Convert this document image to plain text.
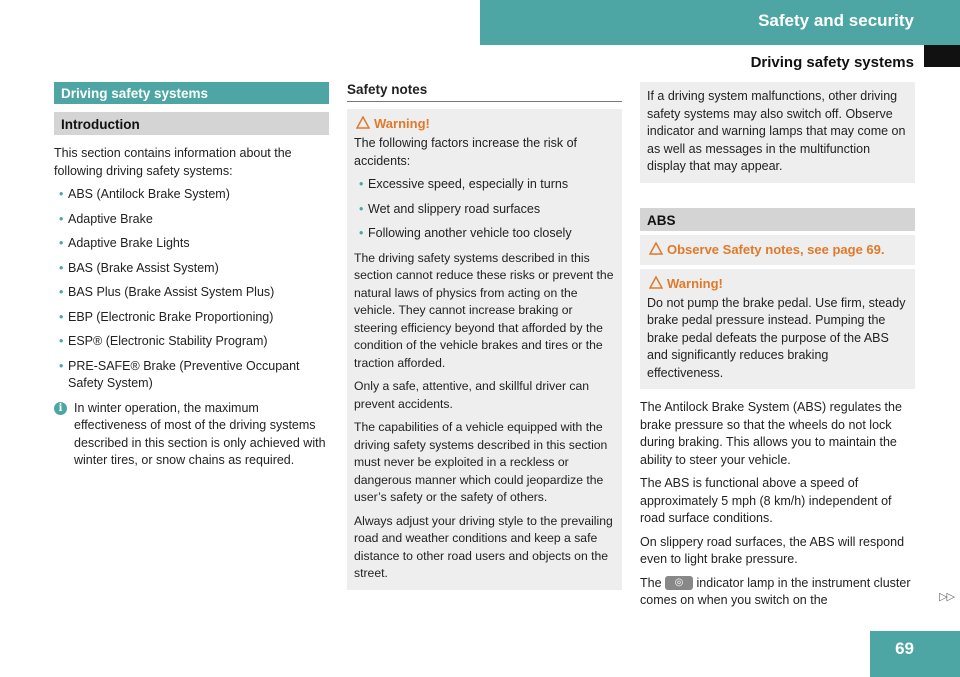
Safety and security
Driving safety systems
Driving safety systems
Introduction

This section contains information about the following driving safety systems:

• ABS (Antilock Brake System)
• Adaptive Brake
• Adaptive Brake Lights
• BAS (Brake Assist System)
• BAS Plus (Brake Assist System Plus)
• EBP (Electronic Brake Proportioning)
• ESP® (Electronic Stability Program)
• PRE-SAFE® Brake (Preventive Occupant Safety System)
i In winter operation, the maximum effectiveness of most of the driving systems described in this section is only achieved with winter tires, or snow chains as required.
Safety notes
Warning!

The following factors increase the risk of accidents:

• Excessive speed, especially in turns
• Wet and slippery road surfaces
• Following another vehicle too closely

The driving safety systems described in this section cannot reduce these risks or prevent the natural laws of physics from acting on the vehicle. They cannot increase braking or steering efficiency beyond that afforded by the condition of the vehicle brakes and tires or the traction afforded.

Only a safe, attentive, and skillful driver can prevent accidents.

The capabilities of a vehicle equipped with the driving safety systems described in this section must never be exploited in a reckless or dangerous manner which could jeopardize the user’s safety or the safety of others.

Always adjust your driving style to the prevailing road and weather conditions and keep a safe distance to other road users and objects on the street.

If a driving system malfunctions, other driving safety systems may also switch off. Observe indicator and warning lamps that may come on as well as messages in the multifunction display that may appear.

ABS
Observe Safety notes, see page 69.
Warning!

Do not pump the brake pedal. Use firm, steady brake pedal pressure instead. Pumping the brake pedal defeats the purpose of the ABS and significantly reduces braking effectiveness.

The Antilock Brake System (ABS) regulates the brake pressure so that the wheels do not lock during braking. This allows you to maintain the ability to steer your vehicle.

The ABS is functional above a speed of approximately 5 mph (8 km/h) independent of road surface conditions.

On slippery road surfaces, the ABS will respond even to light brake pressure.

The ◎ indicator lamp in the instrument cluster comes on when you switch on the	▷▷
69
